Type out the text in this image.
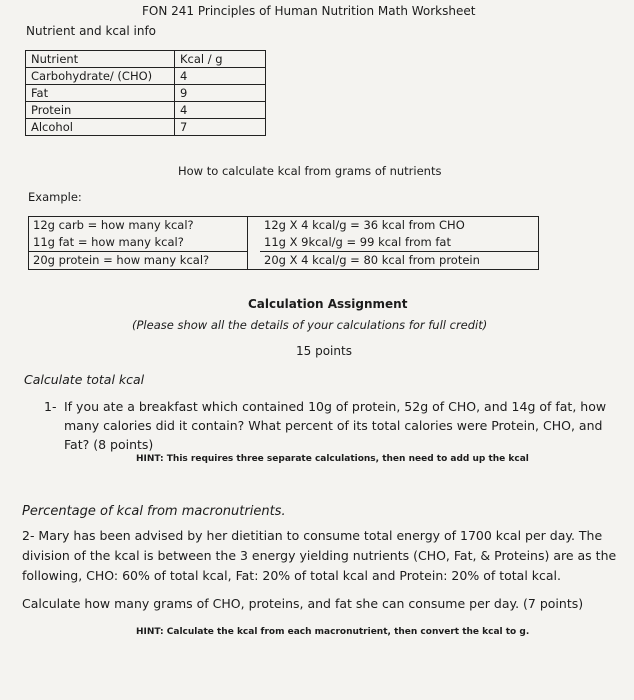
FON 241 Principles of Human Nutrition Math Worksheet
Nutrient and kcal info
Nutrient	Kcal / g
Carbohydrate/ (CHO)	4
Fat	9
Protein	4
Alcohol	7
How to calculate kcal from grams of nutrients
Example:
12g carb = how many kcal?		12g X 4 kcal/g = 36 kcal from CHO
11g fat = how many kcal?		11g X 9kcal/g = 99 kcal from fat
20g protein = how many kcal?		20g X 4 kcal/g = 80 kcal from protein
Calculation Assignment
(Please show all the details of your calculations for full credit)
15 points
Calculate total kcal
1- If you ate a breakfast which contained 10g of protein, 52g of CHO, and 14g of fat, how many calories did it contain? What percent of its total calories were Protein, CHO, and Fat? (8 points)
HINT: This requires three separate calculations, then need to add up the kcal
Percentage of kcal from macronutrients.
2- Mary has been advised by her dietitian to consume total energy of 1700 kcal per day. The division of the kcal is between the 3 energy yielding nutrients (CHO, Fat, & Proteins) are as the following, CHO: 60% of total kcal, Fat: 20% of total kcal and Protein: 20% of total kcal.
Calculate how many grams of CHO, proteins, and fat she can consume per day. (7 points)
HINT: Calculate the kcal from each macronutrient, then convert the kcal to g.
